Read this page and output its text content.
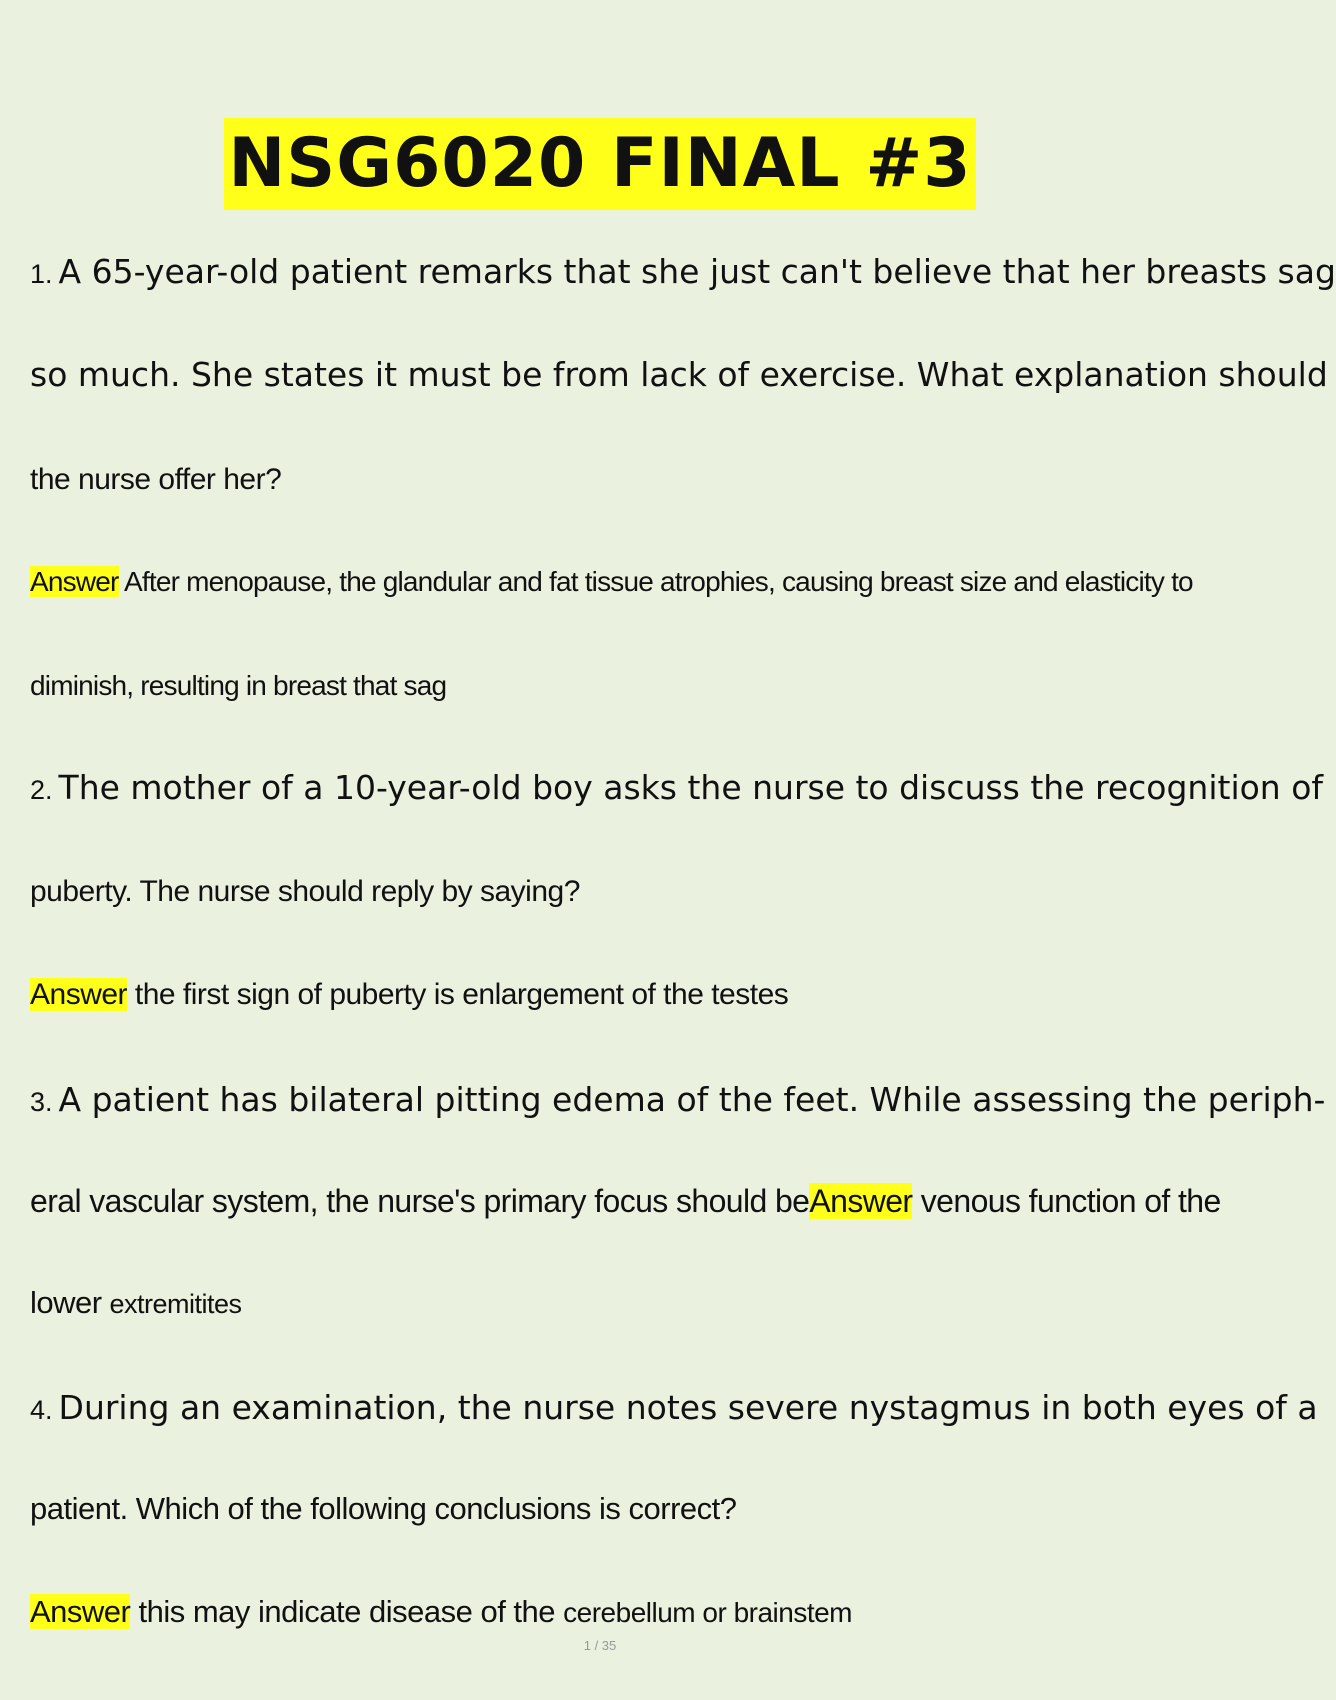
NSG6020 FINAL #3
1. A 65-year-old patient remarks that she just can't believe that her breasts sag
so much. She states it must be from lack of exercise. What explanation should
the nurse offer her?
Answer After menopause, the glandular and fat tissue atrophies, causing breast size and elasticity to
diminish, resulting in breast that sag
2. The mother of a 10-year-old boy asks the nurse to discuss the recognition of
puberty. The nurse should reply by saying?
Answer the first sign of puberty is enlargement of the testes
3. A patient has bilateral pitting edema of the feet. While assessing the periph-
eral vascular system, the nurse's primary focus should beAnswer venous function of the
lower extremitites
4. During an examination, the nurse notes severe nystagmus in both eyes of a
patient. Which of the following conclusions is correct?
Answer this may indicate disease of the cerebellum or brainstem
1 / 35
